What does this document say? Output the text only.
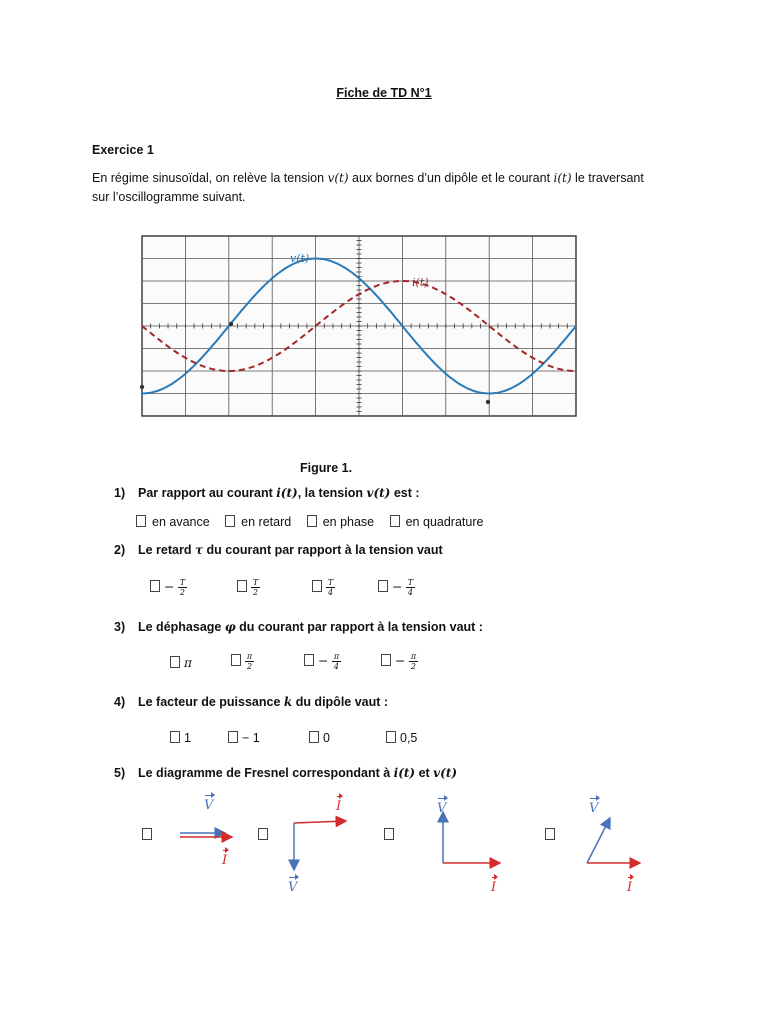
Fiche de TD N°1
Exercice 1
En régime sinusoïdal, on relève la tension v(t) aux bornes d’un dipôle et le courant i(t) le traversant
sur l’oscillogramme suivant.
v(t)
i(t)
Figure 1.
1) Par rapport au courant i(t), la tension v(t) est :
en avance	en retard	en phase	en quadrature
2) Le retard τ du courant par rapport à la tension vaut
− $\frac{T}{2}$	$\frac{T}{2}$	$\frac{T}{4}$	− $\frac{T}{4}$
3) Le déphasage φ du courant par rapport à la tension vaut :
π	$\frac{\pi}{2}$	− $\frac{\pi}{4}$	− $\frac{\pi}{2}$
4) Le facteur de puissance k du dipôle vaut :
1	− 1	0	0,5
5) Le diagramme de Fresnel correspondant à i(t) et v(t)
V
I
I
V
V
I
V
I
